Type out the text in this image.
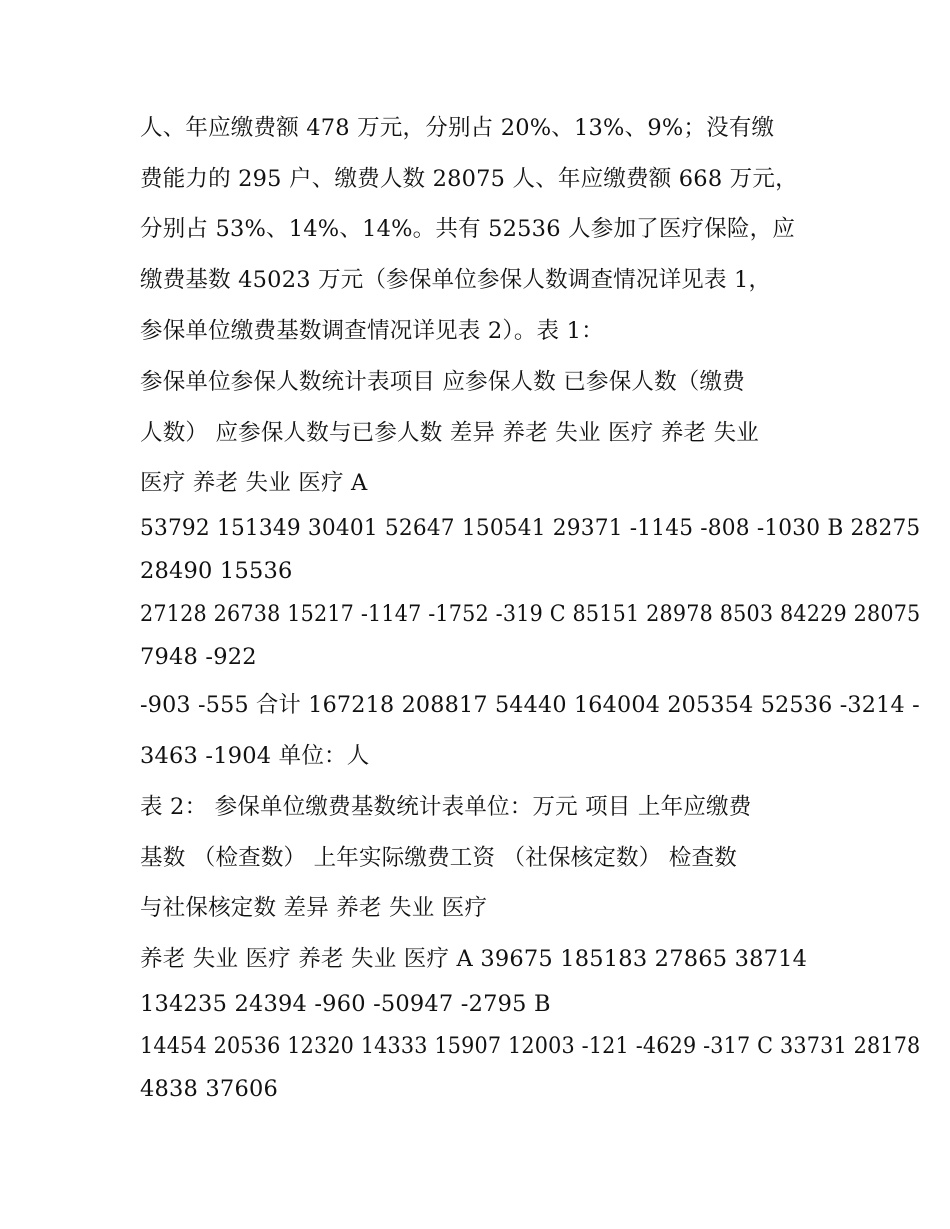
人、年应缴费额 478 万元，分别占 20%、13%、9%；没有缴
费能力的 295 户、缴费人数 28075 人、年应缴费额 668 万元，
分别占 53%、14%、14%。共有 52536 人参加了医疗保险，应
缴费基数 45023 万元（参保单位参保人数调查情况详见表 1，
参保单位缴费基数调查情况详见表 2）。表 1：
参保单位参保人数统计表项目 应参保人数 已参保人数（缴费
人数） 应参保人数与已参人数 差异 养老 失业 医疗 养老 失业
医疗 养老 失业 医疗 A
53792 151349 30401 52647 150541 29371 -1145 -808 -1030 B 28275
28490 15536
27128 26738 15217 -1147 -1752 -319 C 85151 28978 8503 84229 28075
7948 -922
-903 -555 合计 167218 208817 54440 164004 205354 52536 -3214 -
3463 -1904 单位：人
表 2： 参保单位缴费基数统计表单位：万元 项目 上年应缴费
基数 （检查数） 上年实际缴费工资 （社保核定数） 检查数
与社保核定数 差异 养老 失业 医疗
养老 失业 医疗 养老 失业 医疗 A 39675 185183 27865 38714
134235 24394 -960 -50947 -2795 B
14454 20536 12320 14333 15907 12003 -121 -4629 -317 C 33731 28178
4838 37606
